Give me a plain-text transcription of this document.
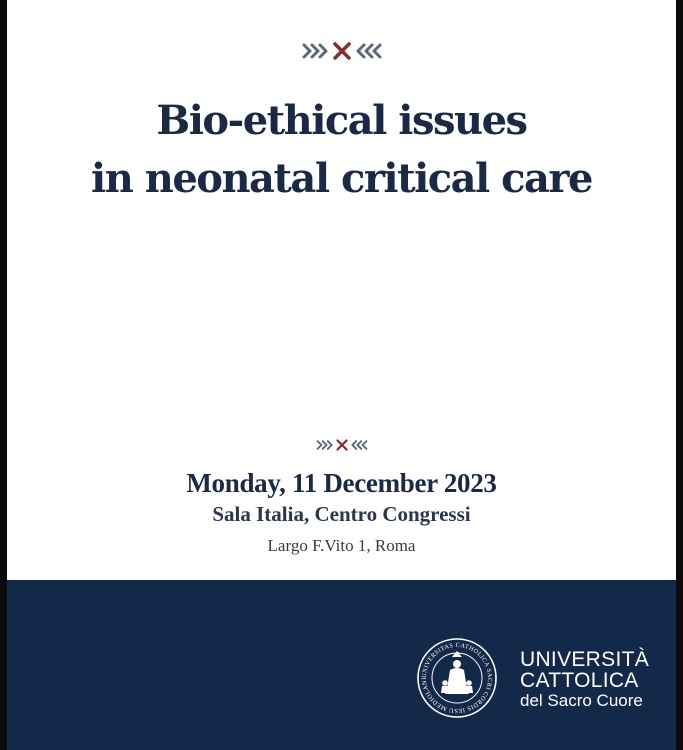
Bio-ethical issues
in neonatal critical care
Monday, 11 December 2023
Sala Italia, Centro Congressi
Largo F.Vito 1, Roma
UNIVERSITAS CATHOLICA SACRI CORDIS IESU MEDIOLANI
UNIVERSITÀ
CATTOLICA
del Sacro Cuore
